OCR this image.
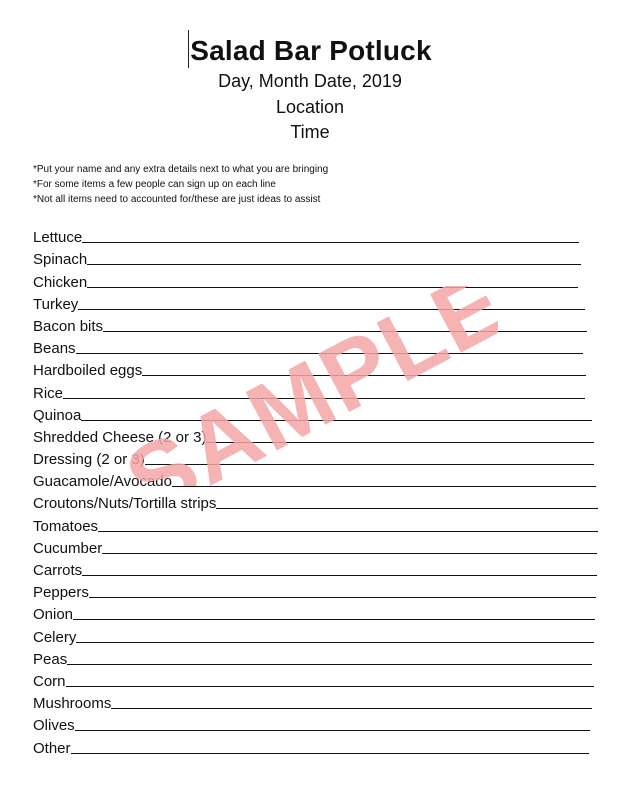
Salad Bar Potluck
Day, Month Date, 2019
Location
Time
*Put your name and any extra details next to what you are bringing
*For some items a few people can sign up on each line
*Not all items need to accounted for/these are just ideas to assist
Lettuce
Spinach
Chicken
Turkey
Bacon bits
Beans
Hardboiled eggs
Rice
Quinoa
Shredded Cheese (2 or 3)
Dressing (2 or 3)
Guacamole/Avocado
Croutons/Nuts/Tortilla strips
Tomatoes
Cucumber
Carrots
Peppers
Onion
Celery
Peas
Corn
Mushrooms
Olives
Other
SAMPLE
